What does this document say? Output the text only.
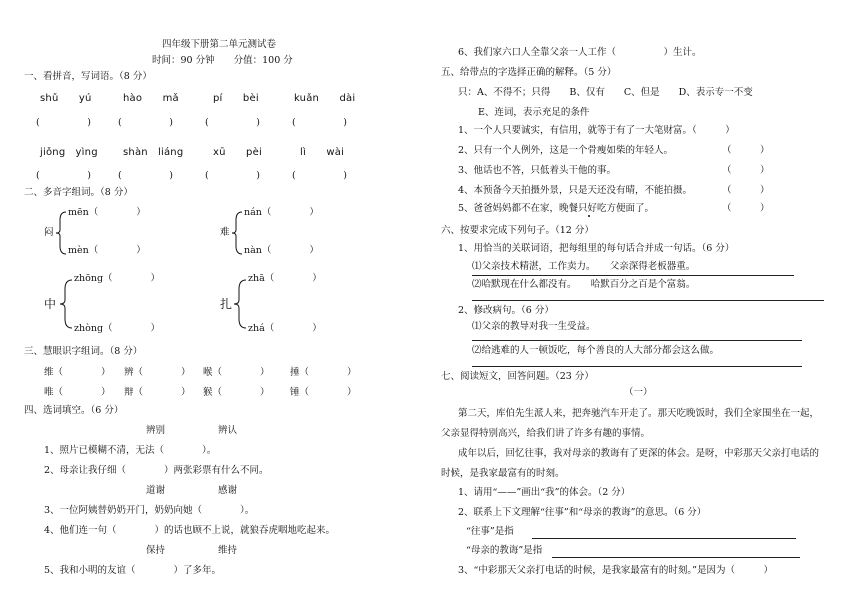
四年级下册第二单元测试卷
时间：90 分钟　　分值：100 分
一、看拼音，写词语。（8 分）
shǔ　　yú	hào　　mǎ	pí　　bèi	kuǎn　　dài
(　　　　　)	(　　　　　)	(　　　　　)	(　　　　　)
jiǒng　yìng	shàn　liáng	xū　　pèi	lì　　wài
(　　　　　)	(　　　　　)	(　　　　　)	(　　　　　)
二、多音字组词。（8 分）
闷
mēn（　　　　）
mèn（　　　　）
难
nán（　　　　）
nàn（　　　　）
中
zhōng（　　　　）
zhòng（　　　　）
扎
zhā（　　　　）
zhá（　　　　）
三、慧眼识字组词。（8 分）
维（　　　　） 辨（　　　　） 喉（　　　　） 捶（　　　　）
唯（　　　　） 辩（　　　　） 猴（　　　　） 锤（　　　　）
四、选词填空。（6 分）
辨别	辨认
1、照片已模糊不清，无法（　　　　）。
2、母亲让我仔细（　　　　）两张彩票有什么不同。
道谢	感谢
3、一位阿姨替奶奶开门，奶奶向她（　　　　）。
4、他们连一句（　　　　）的话也顾不上说，就狼吞虎咽地吃起来。
保持	维持
5、我和小明的友谊（　　　　）了多年。
6、我们家六口人全靠父亲一人工作（　　　　　）生计。
五、给带点的字选择正确的解释。（5 分）
只：A、不得不；只得　　B、仅有　　C、但是　　D、表示专一不变
E、连词，表示充足的条件
1、一个人只要诚实，有信用，就等于有了一大笔财富。（　　　）
2、只有一个人例外，这是一个骨瘦如柴的年轻人。	（　　　）
3、他话也不答，只低着头干他的事。	（　　　）
4、本预备今天拍摄外景，只是天还没有晴，不能拍摄。	（　　　）
5、爸爸妈妈都不在家，晚餐只好吃方便面了。	（　　　）
六、按要求完成下列句子。（12 分）
1、用恰当的关联词语，把每组里的每句话合并成一句话。（6 分）
⑴父亲技术精湛，工作卖力。　　父亲深得老板器重。
⑵哈默现在什么都没有。　　哈默百分之百是个富翁。
2、修改病句。（6 分）
⑴父亲的教导对我一生受益。
⑵给逃难的人一顿饭吃，每个善良的人大部分都会这么做。
七、阅读短文，回答问题。（23 分）
（一）
第二天，库伯先生派人来，把奔驰汽车开走了。那天吃晚饭时，我们全家围坐在一起，
父亲显得特别高兴，给我们讲了许多有趣的事情。
成年以后，回忆往事，我对母亲的教诲有了更深的体会。是呀，中彩那天父亲打电话的
时候，是我家最富有的时刻。
1、请用“——”画出“我”的体会。（2 分）
2、联系上下文理解“往事”和“母亲的教诲”的意思。（6 分）
“往事”是指
“母亲的教诲”是指
3、“中彩那天父亲打电话的时候，是我家最富有的时刻。”是因为（　　　）
